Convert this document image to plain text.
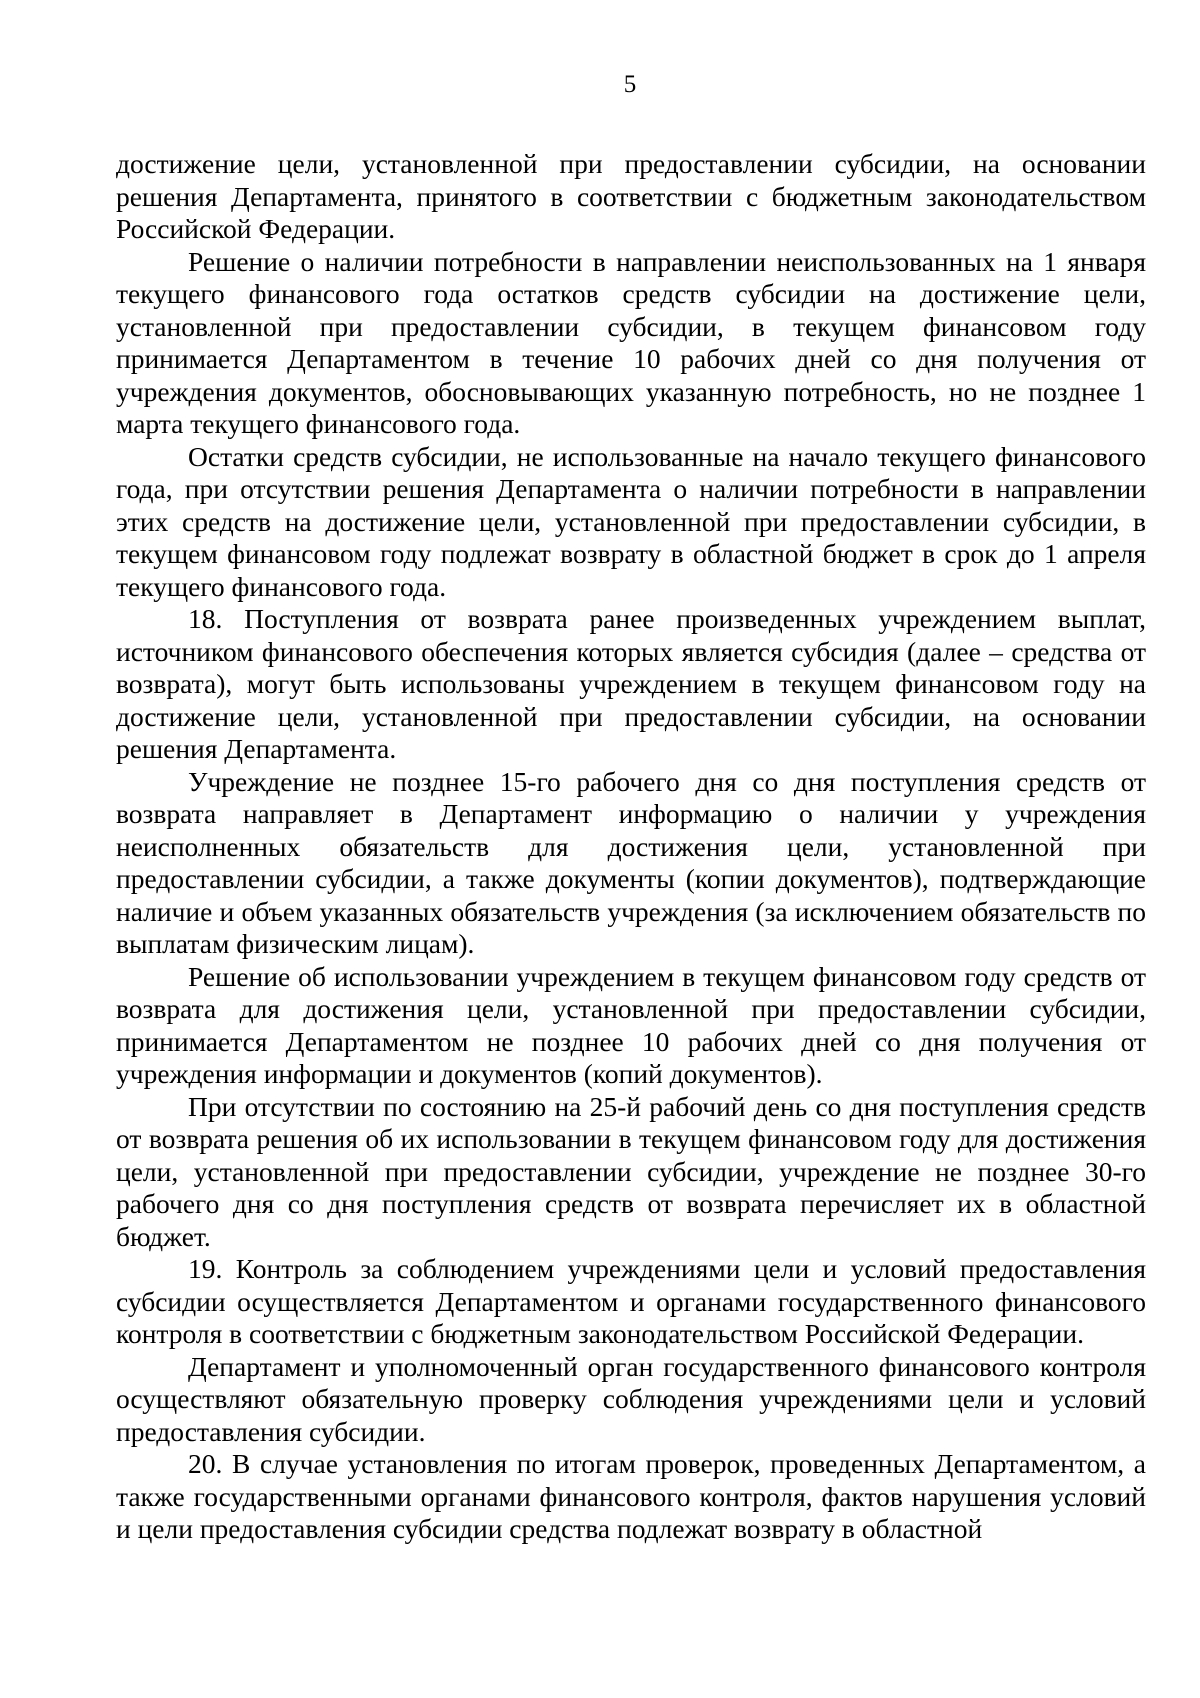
5

достижение цели, установленной при предоставлении субсидии, на основании решения Департамента, принятого в соответствии с бюджетным законодательством Российской Федерации.

Решение о наличии потребности в направлении неиспользованных на 1 января текущего финансового года остатков средств субсидии на достижение цели, установленной при предоставлении субсидии, в текущем финансовом году принимается Департаментом в течение 10 рабочих дней со дня получения от учреждения документов, обосновывающих указанную потребность, но не позднее 1 марта текущего финансового года.

Остатки средств субсидии, не использованные на начало текущего финансового года, при отсутствии решения Департамента о наличии потребности в направлении этих средств на достижение цели, установленной при предоставлении субсидии, в текущем финансовом году подлежат возврату в областной бюджет в срок до 1 апреля текущего финансового года.

18. Поступления от возврата ранее произведенных учреждением выплат, источником финансового обеспечения которых является субсидия (далее – средства от возврата), могут быть использованы учреждением в текущем финансовом году на достижение цели, установленной при предоставлении субсидии, на основании решения Департамента.

Учреждение не позднее 15-го рабочего дня со дня поступления средств от возврата направляет в Департамент информацию о наличии у учреждения неисполненных обязательств для достижения цели, установленной при предоставлении субсидии, а также документы (копии документов), подтверждающие наличие и объем указанных обязательств учреждения (за исключением обязательств по выплатам физическим лицам).

Решение об использовании учреждением в текущем финансовом году средств от возврата для достижения цели, установленной при предоставлении субсидии, принимается Департаментом не позднее 10 рабочих дней со дня получения от учреждения информации и документов (копий документов).

При отсутствии по состоянию на 25-й рабочий день со дня поступления средств от возврата решения об их использовании в текущем финансовом году для достижения цели, установленной при предоставлении субсидии, учреждение не позднее 30-го рабочего дня со дня поступления средств от возврата перечисляет их в областной бюджет.

19. Контроль за соблюдением учреждениями цели и условий предоставления субсидии осуществляется Департаментом и органами государственного финансового контроля в соответствии с бюджетным законодательством Российской Федерации.

Департамент и уполномоченный орган государственного финансового контроля осуществляют обязательную проверку соблюдения учреждениями цели и условий предоставления субсидии.

20. В случае установления по итогам проверок, проведенных Департаментом, а также государственными органами финансового контроля, фактов нарушения условий и цели предоставления субсидии средства подлежат возврату в областной
